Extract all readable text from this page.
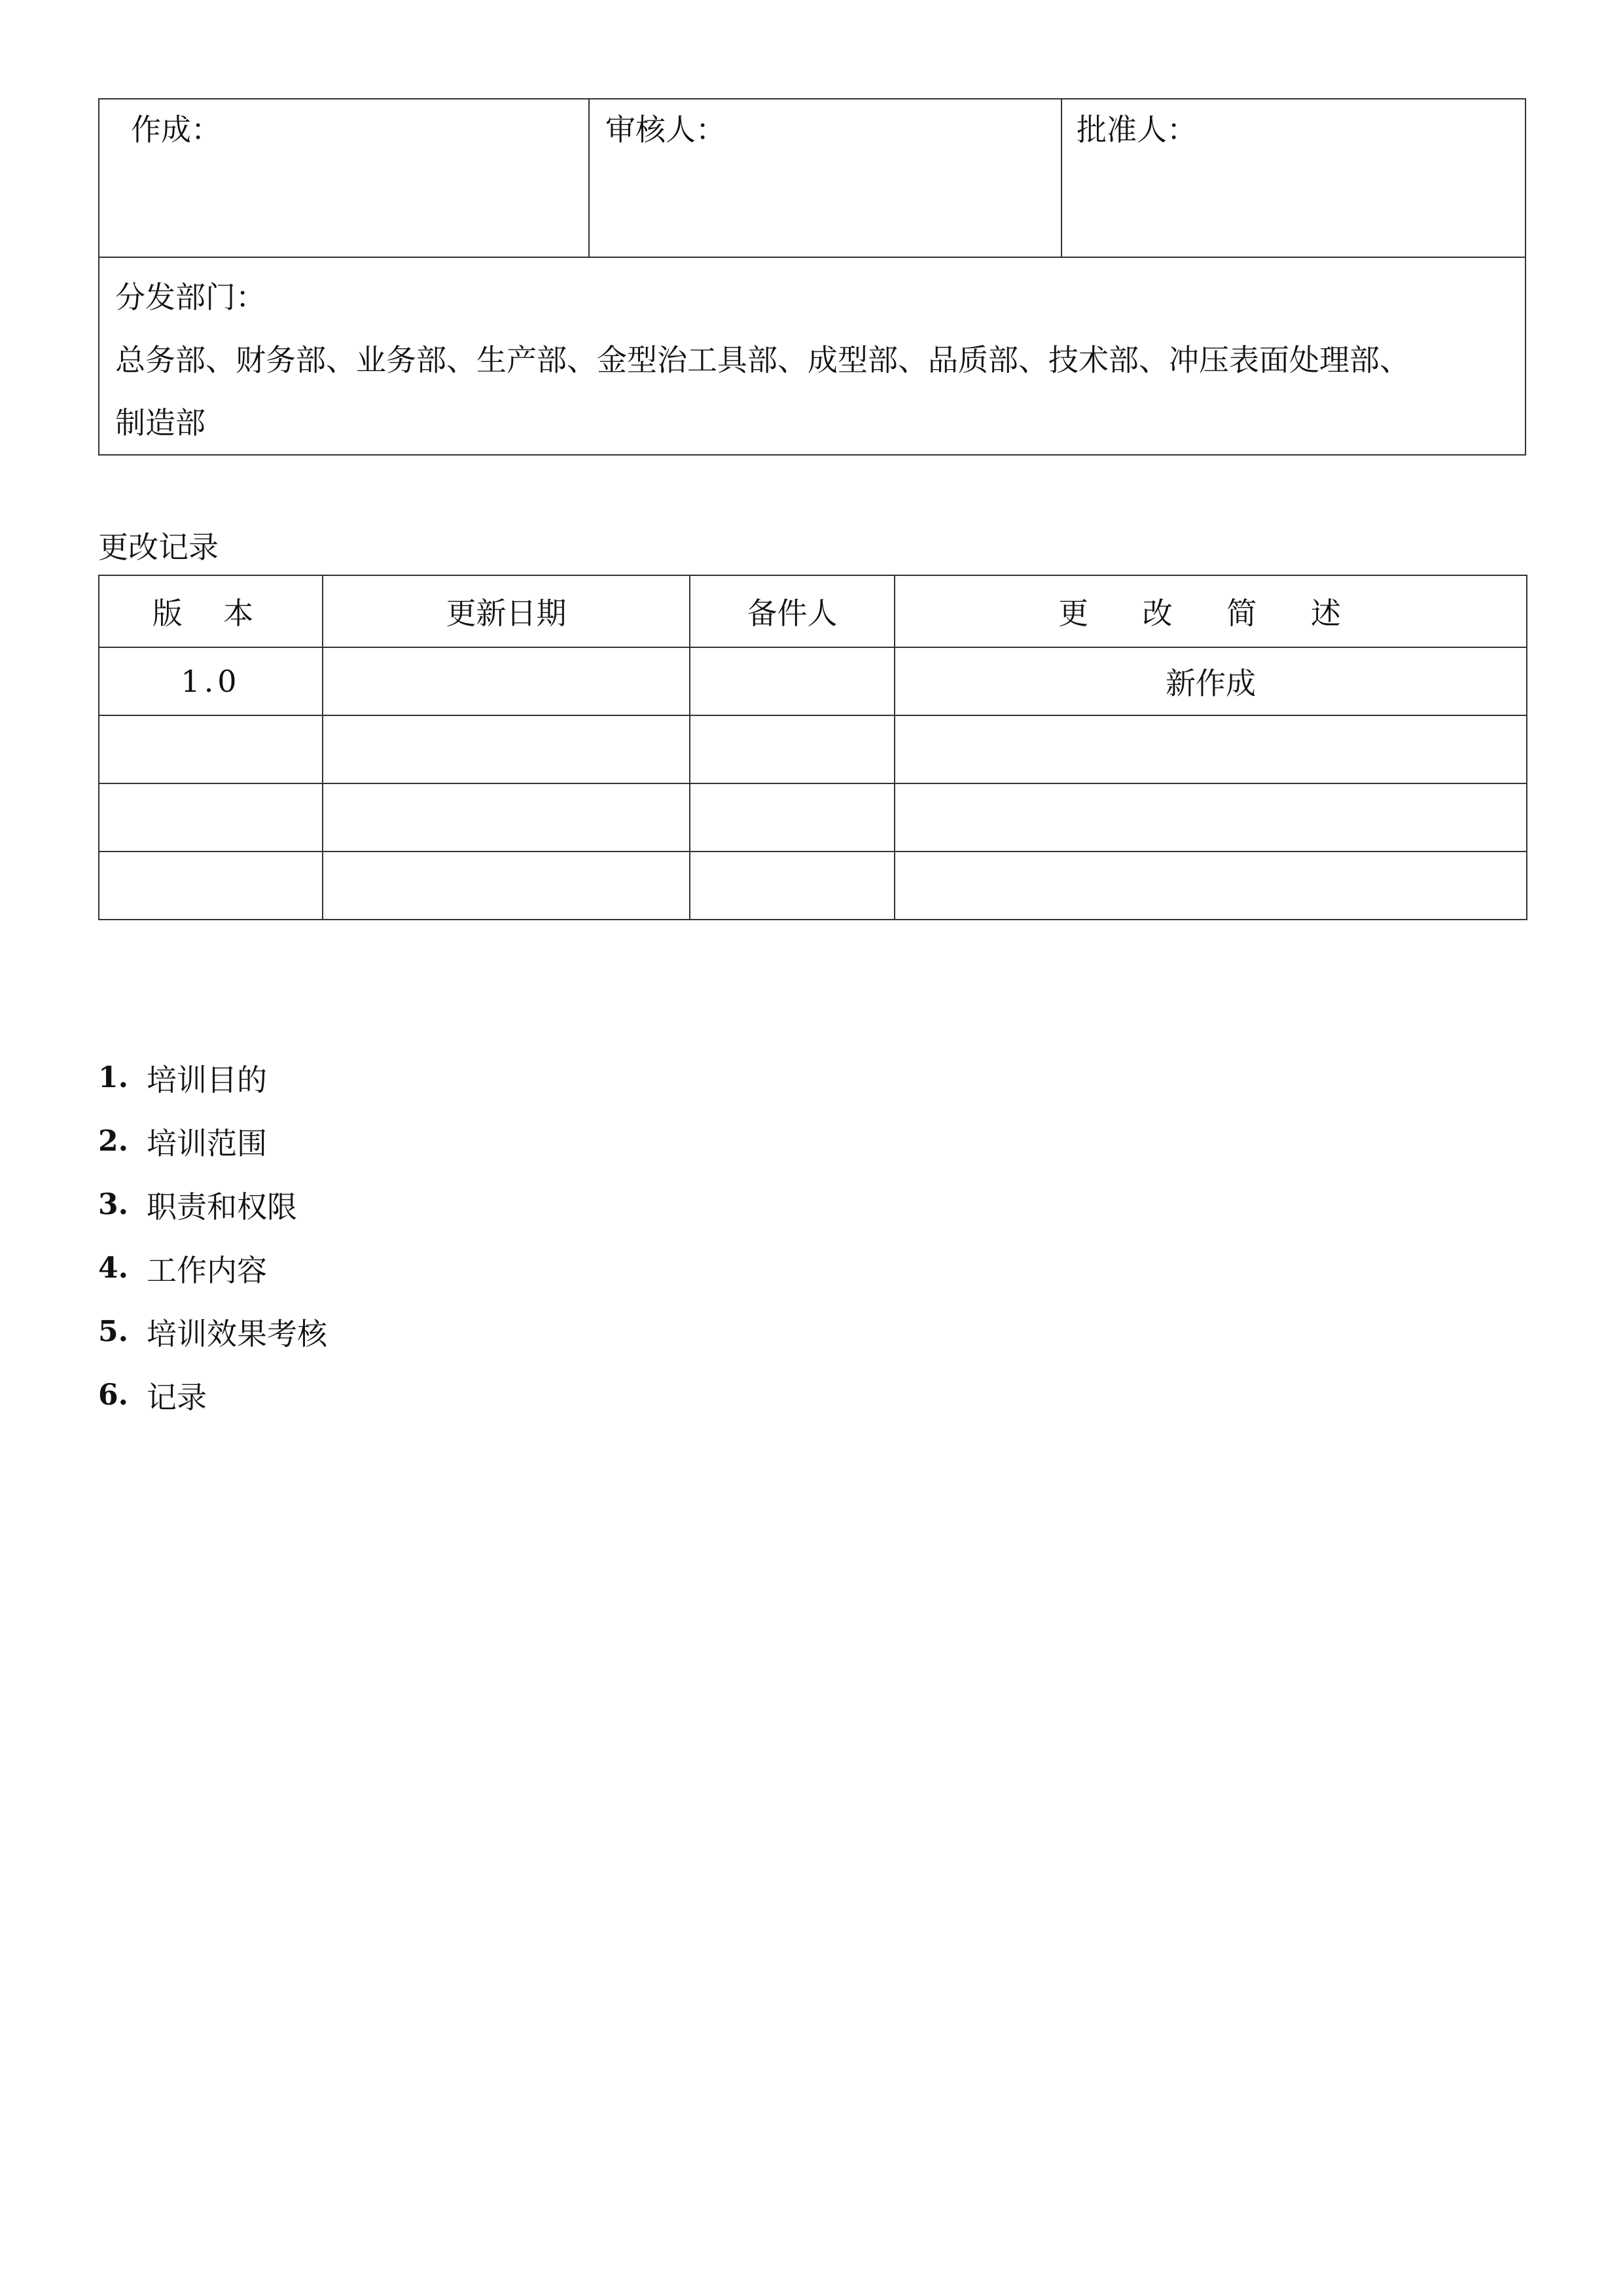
作成：	审核人：	批准人：

分发部门：
总务部、财务部、业务部、生产部、金型治工具部、成型部、品质部、技术部、冲压表面处理部、
制造部
更改记录
版 本	更新日期	备件人	更 改 简 述
1.0			新作成

1. 培训目的
2. 培训范围
3. 职责和权限
4. 工作内容
5. 培训效果考核
6. 记录
